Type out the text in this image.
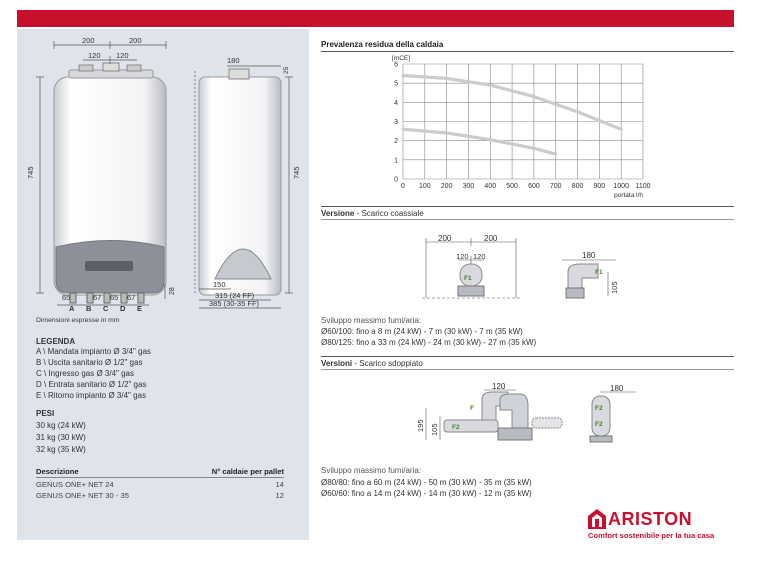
200	200
120 120
745
28
65	67 65 67
A B C D E
180
25
745
150
315 (24 FF)
385 (30-35 FF)
Dimensioni espresse in mm
LEGENDA
A \ Mandata impianto Ø 3/4" gas
B \ Uscita sanitario Ø 1/2" gas
C \ Ingresso gas Ø 3/4" gas
D \ Entrata sanitario Ø 1/2" gas
E \ Ritorno impianto Ø 3/4" gas
PESI
30 kg (24 kW)
31 kg (30 kW)
32 kg (35 kW)
Descrizione	N° caldaie per pallet
GENUS ONE+ NET 24	14
GENUS ONE+ NET 30 - 35	12
Prevalenza residua della caldaia
0 100 200 300 400 500 600 700 800 900 1000 1100
0
1
2
3
4
5
6
[mCE]
portata l/h
Versione - Scarico coassiale
200	200
120 120	180
105
F1
F1
Sviluppo massimo fumi/aria:
Ø60/100: fino a 8 m (24 kW) - 7 m (30 kW) - 7 m (35 kW)
Ø80/125: fino a 33 m (24 kW) - 24 m (30 kW) - 27 m (35 kW)
Versioni - Scarico sdoppiato
120
195 105
180
F
F2
F2
F2
Sviluppo massimo fumi/aria:
Ø80/80: fino a 60 m (24 kW) - 50 m (30 kW) - 35 m (35 kW)
Ø60/60: fino a 14 m (24 kW) - 14 m (30 kW) - 12 m (35 kW)
ARISTON
Comfort sostenibile per la tua casa
